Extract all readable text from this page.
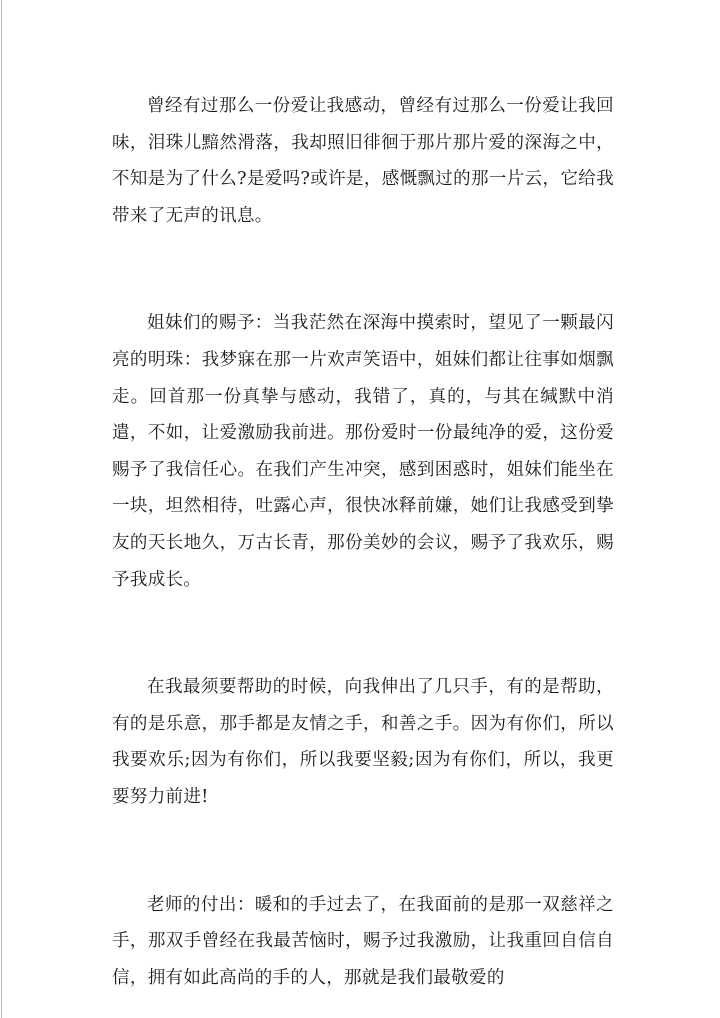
曾经有过那么一份爱让我感动，曾经有过那么一份爱让我回味，泪珠儿黯然滑落，我却照旧徘徊于那片那片爱的深海之中，不知是为了什么?是爱吗?或许是，感慨飘过的那一片云，它给我带来了无声的讯息。

姐妹们的赐予：当我茫然在深海中摸索时，望见了一颗最闪亮的明珠：我梦寐在那一片欢声笑语中，姐妹们都让往事如烟飘走。回首那一份真挚与感动，我错了，真的，与其在缄默中消遣，不如，让爱激励我前进。那份爱时一份最纯净的爱，这份爱赐予了我信任心。在我们产生冲突，感到困惑时，姐妹们能坐在一块，坦然相待，吐露心声，很快冰释前嫌，她们让我感受到挚友的天长地久，万古长青，那份美妙的会议，赐予了我欢乐，赐予我成长。

在我最须要帮助的时候，向我伸出了几只手，有的是帮助，有的是乐意，那手都是友情之手，和善之手。因为有你们，所以我要欢乐;因为有你们，所以我要坚毅;因为有你们，所以，我更要努力前进!

老师的付出：暖和的手过去了，在我面前的是那一双慈祥之手，那双手曾经在我最苦恼时，赐予过我激励，让我重回自信自信，拥有如此高尚的手的人，那就是我们最敬爱的
